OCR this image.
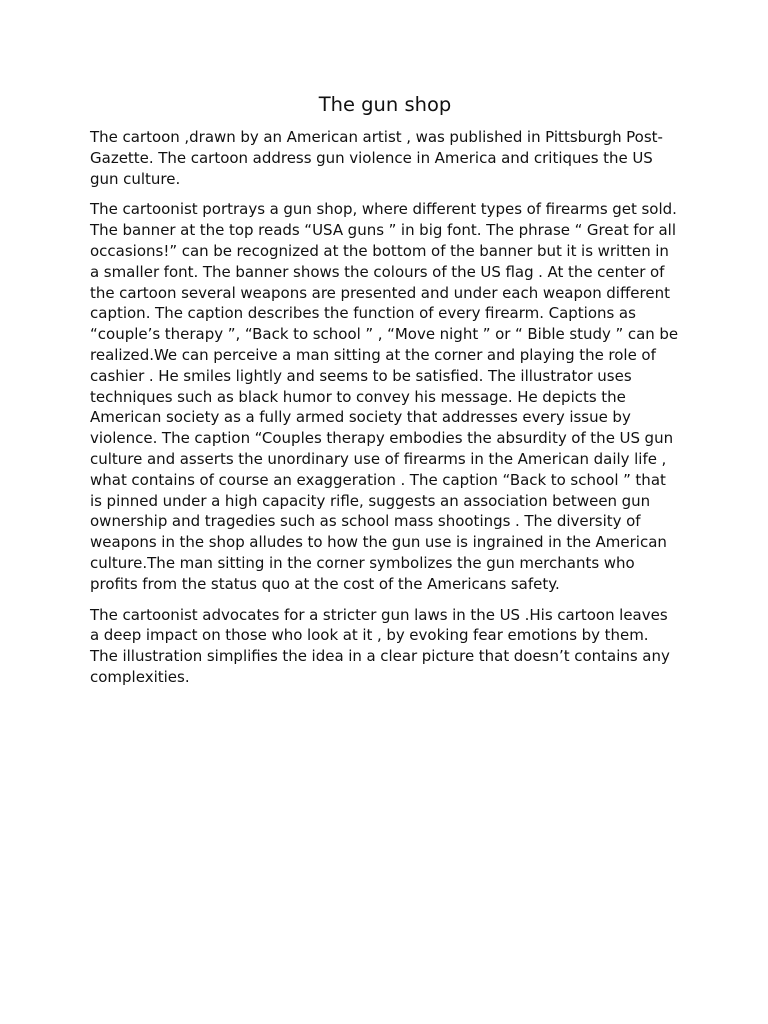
The gun shop

The cartoon ,drawn by an American artist , was published in Pittsburgh Post-Gazette. The cartoon address gun violence in America and critiques the US gun culture.

The cartoonist portrays a gun shop, where different types of firearms get sold. The banner at the top reads “USA guns ” in big font. The phrase “ Great for all occasions!” can be recognized at the bottom of the banner but it is written in a smaller font. The banner shows the colours of the US flag . At the center of the cartoon several weapons are presented and under each weapon different caption. The caption describes the function of every firearm. Captions as “couple’s therapy ”, “Back to school ” , “Move night ” or “ Bible study ” can be realized.We can perceive a man sitting at the corner and playing the role of cashier . He smiles lightly and seems to be satisfied. The illustrator uses techniques such as black humor to convey his message. He depicts the American society as a fully armed society that addresses every issue by violence. The caption “Couples therapy embodies the absurdity of the US gun culture and asserts the unordinary use of firearms in the American daily life , what contains of course an exaggeration . The caption “Back to school ” that is pinned under a high capacity rifle, suggests an association between gun ownership and tragedies such as school mass shootings . The diversity of weapons in the shop alludes to how the gun use is ingrained in the American culture.The man sitting in the corner symbolizes the gun merchants who profits from the status quo at the cost of the Americans safety.

The cartoonist advocates for a stricter gun laws in the US .His cartoon leaves a deep impact on those who look at it , by evoking fear emotions by them. The illustration simplifies the idea in a clear picture that doesn’t contains any complexities.
